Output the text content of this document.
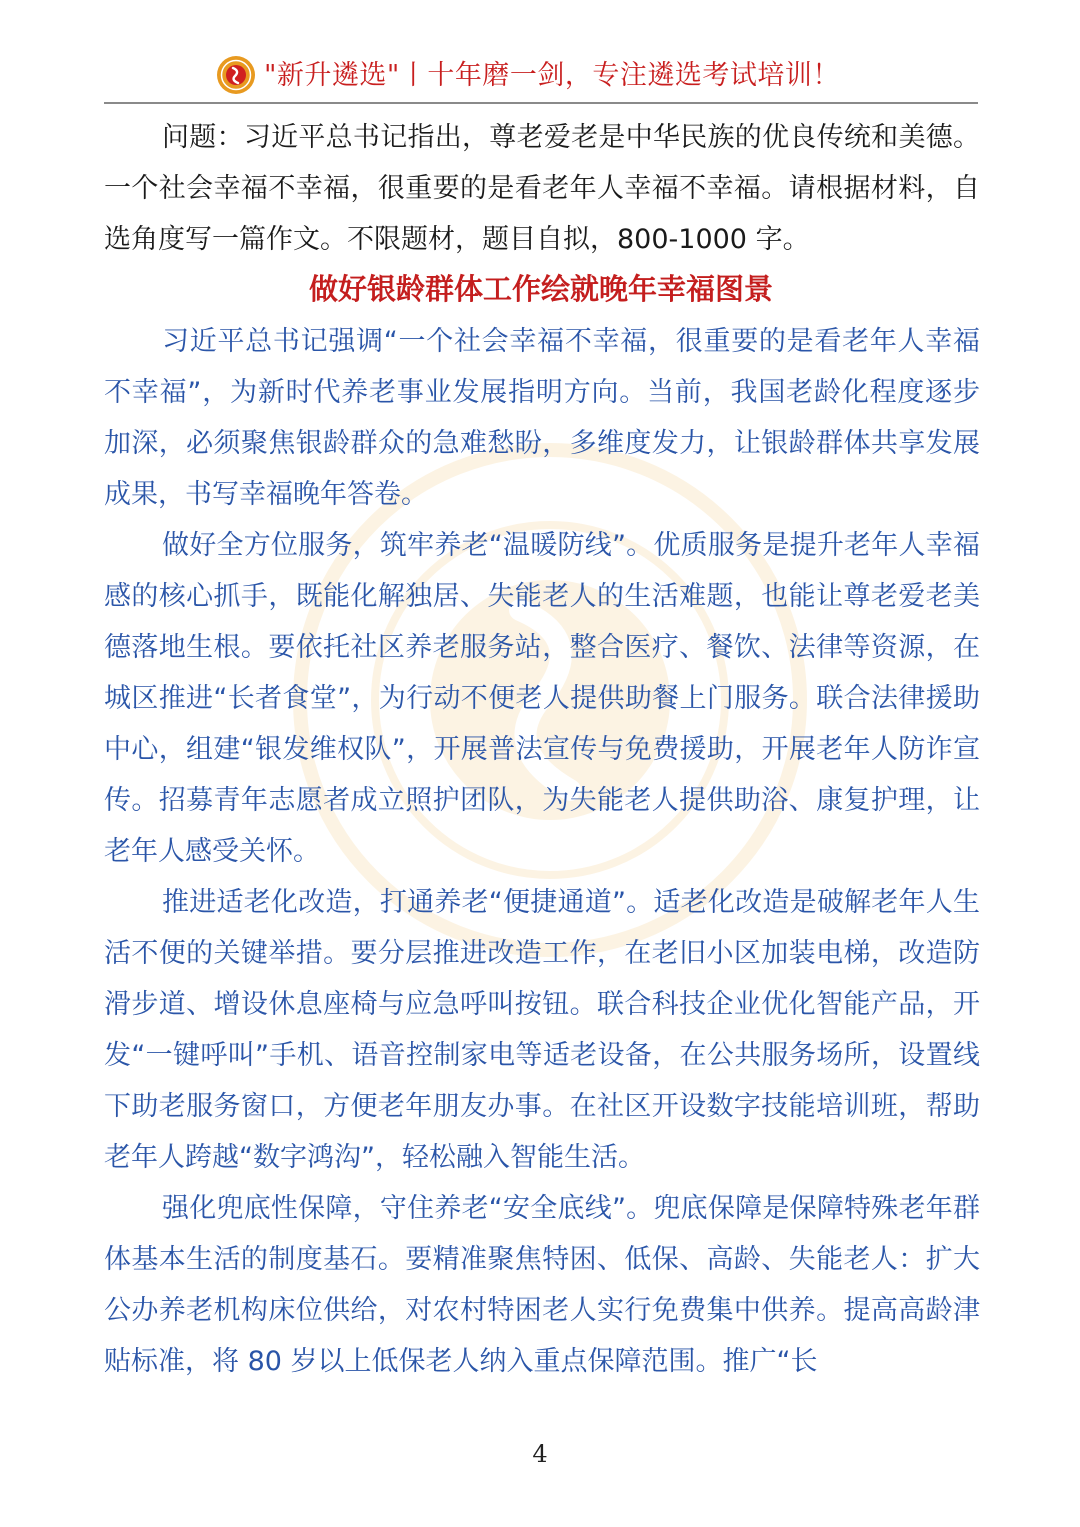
"新升遴选"丨十年磨一剑，专注遴选考试培训！

问题：习近平总书记指出，尊老爱老是中华民族的优良传统和美德。一个社会幸福不幸福，很重要的是看老年人幸福不幸福。请根据材料，自选角度写一篇作文。不限题材，题目自拟，800-1000 字。

做好银龄群体工作绘就晚年幸福图景

习近平总书记强调“一个社会幸福不幸福，很重要的是看老年人幸福不幸福”，为新时代养老事业发展指明方向。当前，我国老龄化程度逐步加深，必须聚焦银龄群众的急难愁盼，多维度发力，让银龄群体共享发展成果，书写幸福晚年答卷。

做好全方位服务，筑牢养老“温暖防线”。优质服务是提升老年人幸福感的核心抓手，既能化解独居、失能老人的生活难题，也能让尊老爱老美德落地生根。要依托社区养老服务站，整合医疗、餐饮、法律等资源，在城区推进“长者食堂”，为行动不便老人提供助餐上门服务。联合法律援助中心，组建“银发维权队”，开展普法宣传与免费援助，开展老年人防诈宣传。招募青年志愿者成立照护团队，为失能老人提供助浴、康复护理，让老年人感受关怀。

推进适老化改造，打通养老“便捷通道”。适老化改造是破解老年人生活不便的关键举措。要分层推进改造工作，在老旧小区加装电梯，改造防滑步道、增设休息座椅与应急呼叫按钮。联合科技企业优化智能产品，开发“一键呼叫”手机、语音控制家电等适老设备，在公共服务场所，设置线下助老服务窗口，方便老年朋友办事。在社区开设数字技能培训班，帮助老年人跨越“数字鸿沟”，轻松融入智能生活。

强化兜底性保障，守住养老“安全底线”。兜底保障是保障特殊老年群体基本生活的制度基石。要精准聚焦特困、低保、高龄、失能老人：扩大公办养老机构床位供给，对农村特困老人实行免费集中供养。提高高龄津贴标准，将 80 岁以上低保老人纳入重点保障范围。推广“长

4
